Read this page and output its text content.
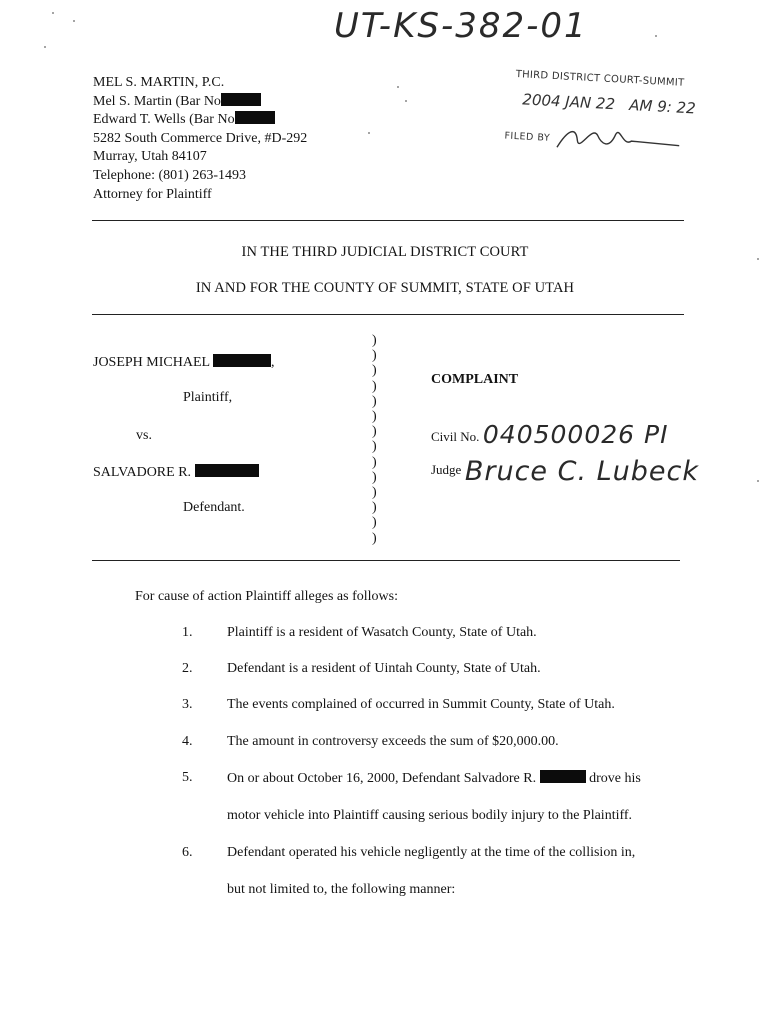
UT-KS-382-01
MEL S. MARTIN, P.C.
Mel S. Martin (Bar No
Edward T. Wells (Bar No
5282 South Commerce Drive, #D-292
Murray, Utah 84107
Telephone: (801) 263-1493
Attorney for Plaintiff
THIRD DISTRICT COURT-SUMMIT
2004 JAN 22 AM 9: 22
FILED BY
IN THE THIRD JUDICIAL DISTRICT COURT
IN AND FOR THE COUNTY OF SUMMIT, STATE OF UTAH
JOSEPH MICHAEL	,
Plaintiff,
vs.
SALVADORE R.
Defendant.
)
)
)
)
)
)
)
)
)
)
)
)
)
)
COMPLAINT
Civil No. 040500026 PI
Judge Bruce C. Lubeck
For cause of action Plaintiff alleges as follows:
1. Plaintiff is a resident of Wasatch County, State of Utah.
2. Defendant is a resident of Uintah County, State of Utah.
3. The events complained of occurred in Summit County, State of Utah.
4. The amount in controversy exceeds the sum of $20,000.00.
5. On or about October 16, 2000, Defendant Salvadore R.	drove his
motor vehicle into Plaintiff causing serious bodily injury to the Plaintiff.
6. Defendant operated his vehicle negligently at the time of the collision in,
but not limited to, the following manner:
